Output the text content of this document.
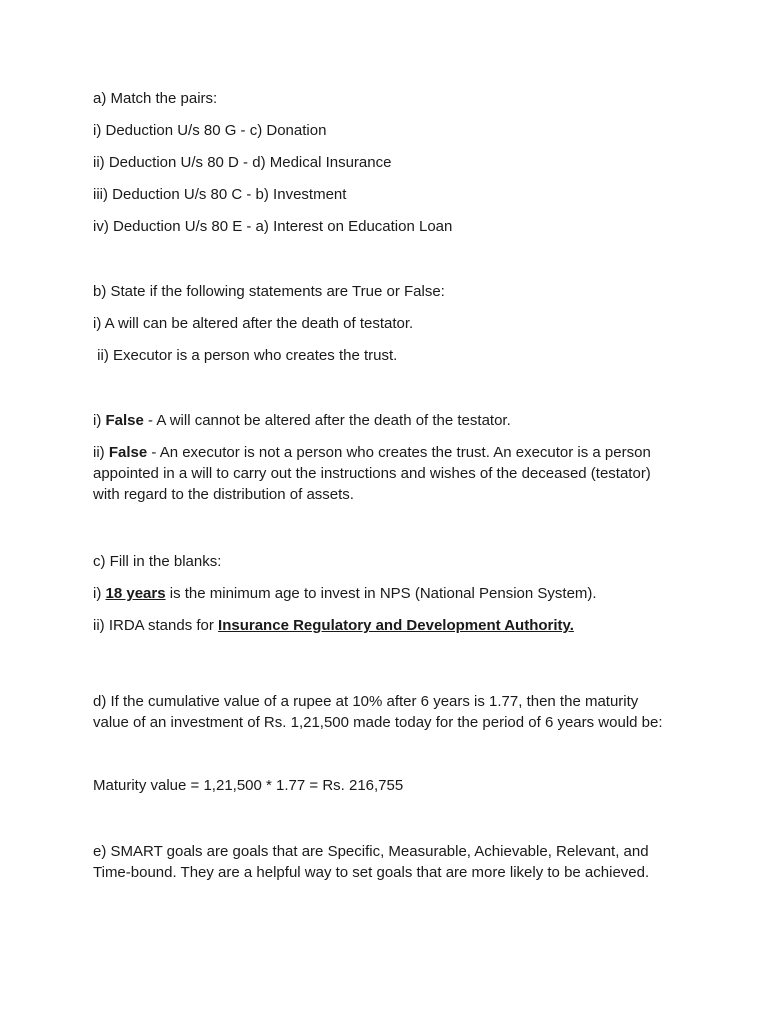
a) Match the pairs:
i) Deduction U/s 80 G - c) Donation
ii) Deduction U/s 80 D - d) Medical Insurance
iii) Deduction U/s 80 C - b) Investment
iv) Deduction U/s 80 E - a) Interest on Education Loan
b) State if the following statements are True or False:
i) A will can be altered after the death of testator.
ii) Executor is a person who creates the trust.
i) False - A will cannot be altered after the death of the testator.
ii) False - An executor is not a person who creates the trust. An executor is a person appointed in a will to carry out the instructions and wishes of the deceased (testator) with regard to the distribution of assets.
c) Fill in the blanks:
i) 18 years is the minimum age to invest in NPS (National Pension System).
ii) IRDA stands for Insurance Regulatory and Development Authority.
d) If the cumulative value of a rupee at 10% after 6 years is 1.77, then the maturity value of an investment of Rs. 1,21,500 made today for the period of 6 years would be:
Maturity value = 1,21,500 * 1.77 = Rs. 216,755
e) SMART goals are goals that are Specific, Measurable, Achievable, Relevant, and Time-bound. They are a helpful way to set goals that are more likely to be achieved.
